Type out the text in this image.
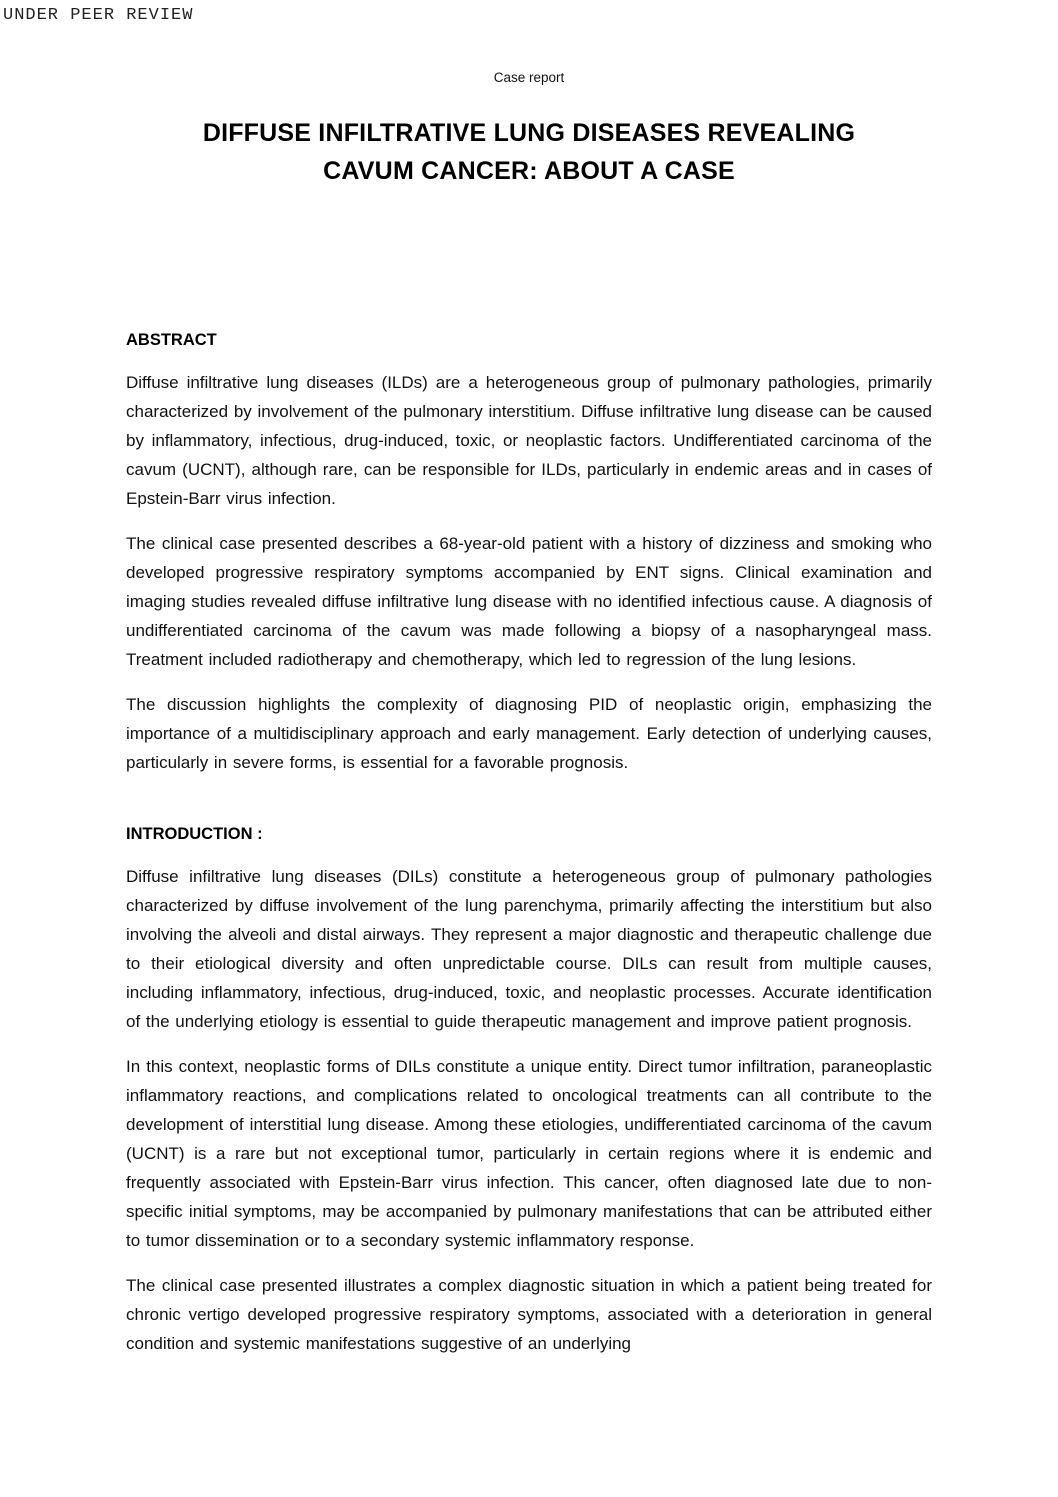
UNDER PEER REVIEW

Case report

DIFFUSE INFILTRATIVE LUNG DISEASES REVEALING CAVUM CANCER: ABOUT A CASE
ABSTRACT

Diffuse infiltrative lung diseases (ILDs) are a heterogeneous group of pulmonary pathologies, primarily characterized by involvement of the pulmonary interstitium. Diffuse infiltrative lung disease can be caused by inflammatory, infectious, drug-induced, toxic, or neoplastic factors. Undifferentiated carcinoma of the cavum (UCNT), although rare, can be responsible for ILDs, particularly in endemic areas and in cases of Epstein-Barr virus infection.

The clinical case presented describes a 68-year-old patient with a history of dizziness and smoking who developed progressive respiratory symptoms accompanied by ENT signs. Clinical examination and imaging studies revealed diffuse infiltrative lung disease with no identified infectious cause. A diagnosis of undifferentiated carcinoma of the cavum was made following a biopsy of a nasopharyngeal mass. Treatment included radiotherapy and chemotherapy, which led to regression of the lung lesions.

The discussion highlights the complexity of diagnosing PID of neoplastic origin, emphasizing the importance of a multidisciplinary approach and early management. Early detection of underlying causes, particularly in severe forms, is essential for a favorable prognosis.

INTRODUCTION :

Diffuse infiltrative lung diseases (DILs) constitute a heterogeneous group of pulmonary pathologies characterized by diffuse involvement of the lung parenchyma, primarily affecting the interstitium but also involving the alveoli and distal airways. They represent a major diagnostic and therapeutic challenge due to their etiological diversity and often unpredictable course. DILs can result from multiple causes, including inflammatory, infectious, drug-induced, toxic, and neoplastic processes. Accurate identification of the underlying etiology is essential to guide therapeutic management and improve patient prognosis.

In this context, neoplastic forms of DILs constitute a unique entity. Direct tumor infiltration, paraneoplastic inflammatory reactions, and complications related to oncological treatments can all contribute to the development of interstitial lung disease. Among these etiologies, undifferentiated carcinoma of the cavum (UCNT) is a rare but not exceptional tumor, particularly in certain regions where it is endemic and frequently associated with Epstein-Barr virus infection. This cancer, often diagnosed late due to non-specific initial symptoms, may be accompanied by pulmonary manifestations that can be attributed either to tumor dissemination or to a secondary systemic inflammatory response.

The clinical case presented illustrates a complex diagnostic situation in which a patient being treated for chronic vertigo developed progressive respiratory symptoms, associated with a deterioration in general condition and systemic manifestations suggestive of an underlying
